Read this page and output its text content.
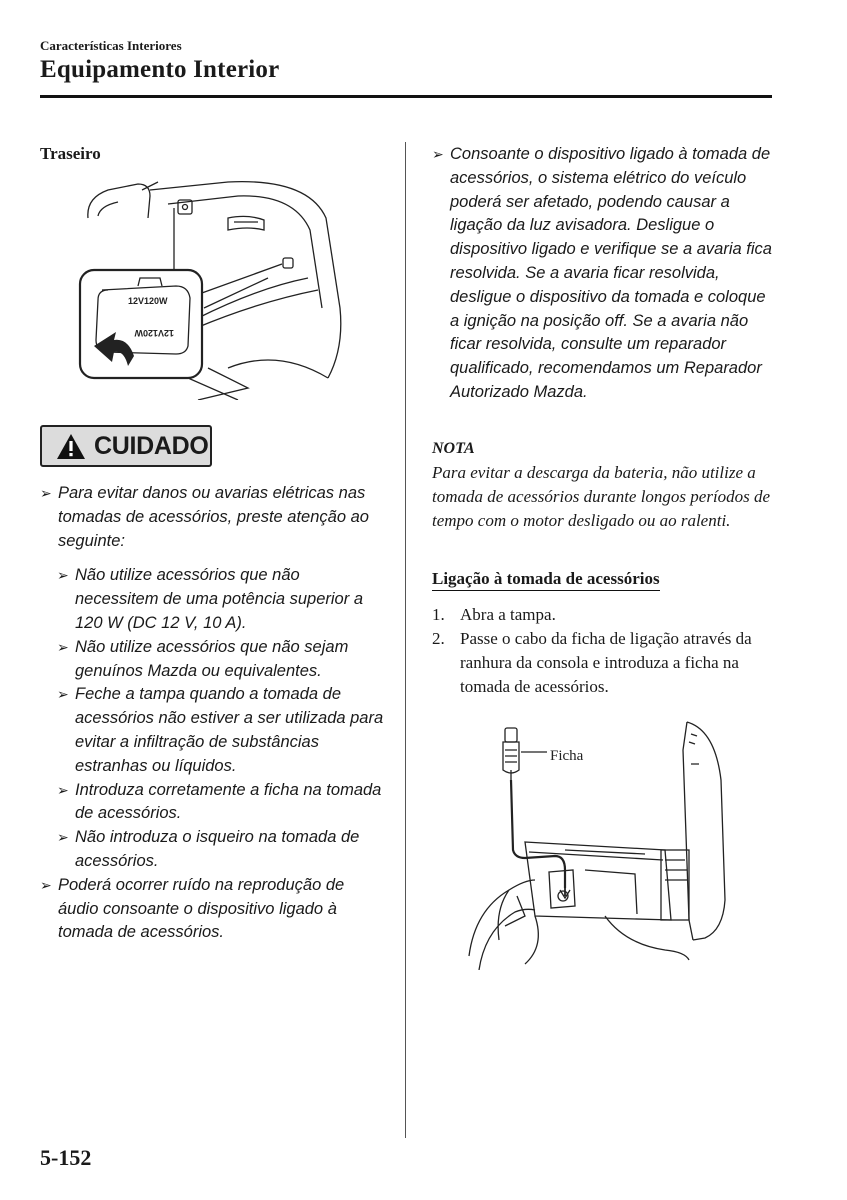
Características Interiores
Equipamento Interior
Traseiro
12V120W
12V120W
CUIDADO
➢ Para evitar danos ou avarias elétricas nas tomadas de acessórios, preste atenção ao seguinte:
➢ Não utilize acessórios que não necessitem de uma potência superior a 120 W (DC 12 V, 10 A).
➢ Não utilize acessórios que não sejam genuínos Mazda ou equivalentes.
➢ Feche a tampa quando a tomada de acessórios não estiver a ser utilizada para evitar a infiltração de substâncias estranhas ou líquidos.
➢ Introduza corretamente a ficha na tomada de acessórios.
➢ Não introduza o isqueiro na tomada de acessórios.
➢ Poderá ocorrer ruído na reprodução de áudio consoante o dispositivo ligado à tomada de acessórios.
➢ Consoante o dispositivo ligado à tomada de acessórios, o sistema elétrico do veículo poderá ser afetado, podendo causar a ligação da luz avisadora. Desligue o dispositivo ligado e verifique se a avaria fica resolvida. Se a avaria ficar resolvida, desligue o dispositivo da tomada e coloque a ignição na posição off. Se a avaria não ficar resolvida, consulte um reparador qualificado, recomendamos um Reparador Autorizado Mazda.
NOTA
Para evitar a descarga da bateria, não utilize a tomada de acessórios durante longos períodos de tempo com o motor desligado ou ao ralenti.
Ligação à tomada de acessórios
1. Abra a tampa.
2. Passe o cabo da ficha de ligação através da ranhura da consola e introduza a ficha na tomada de acessórios.
Ficha
5-152
